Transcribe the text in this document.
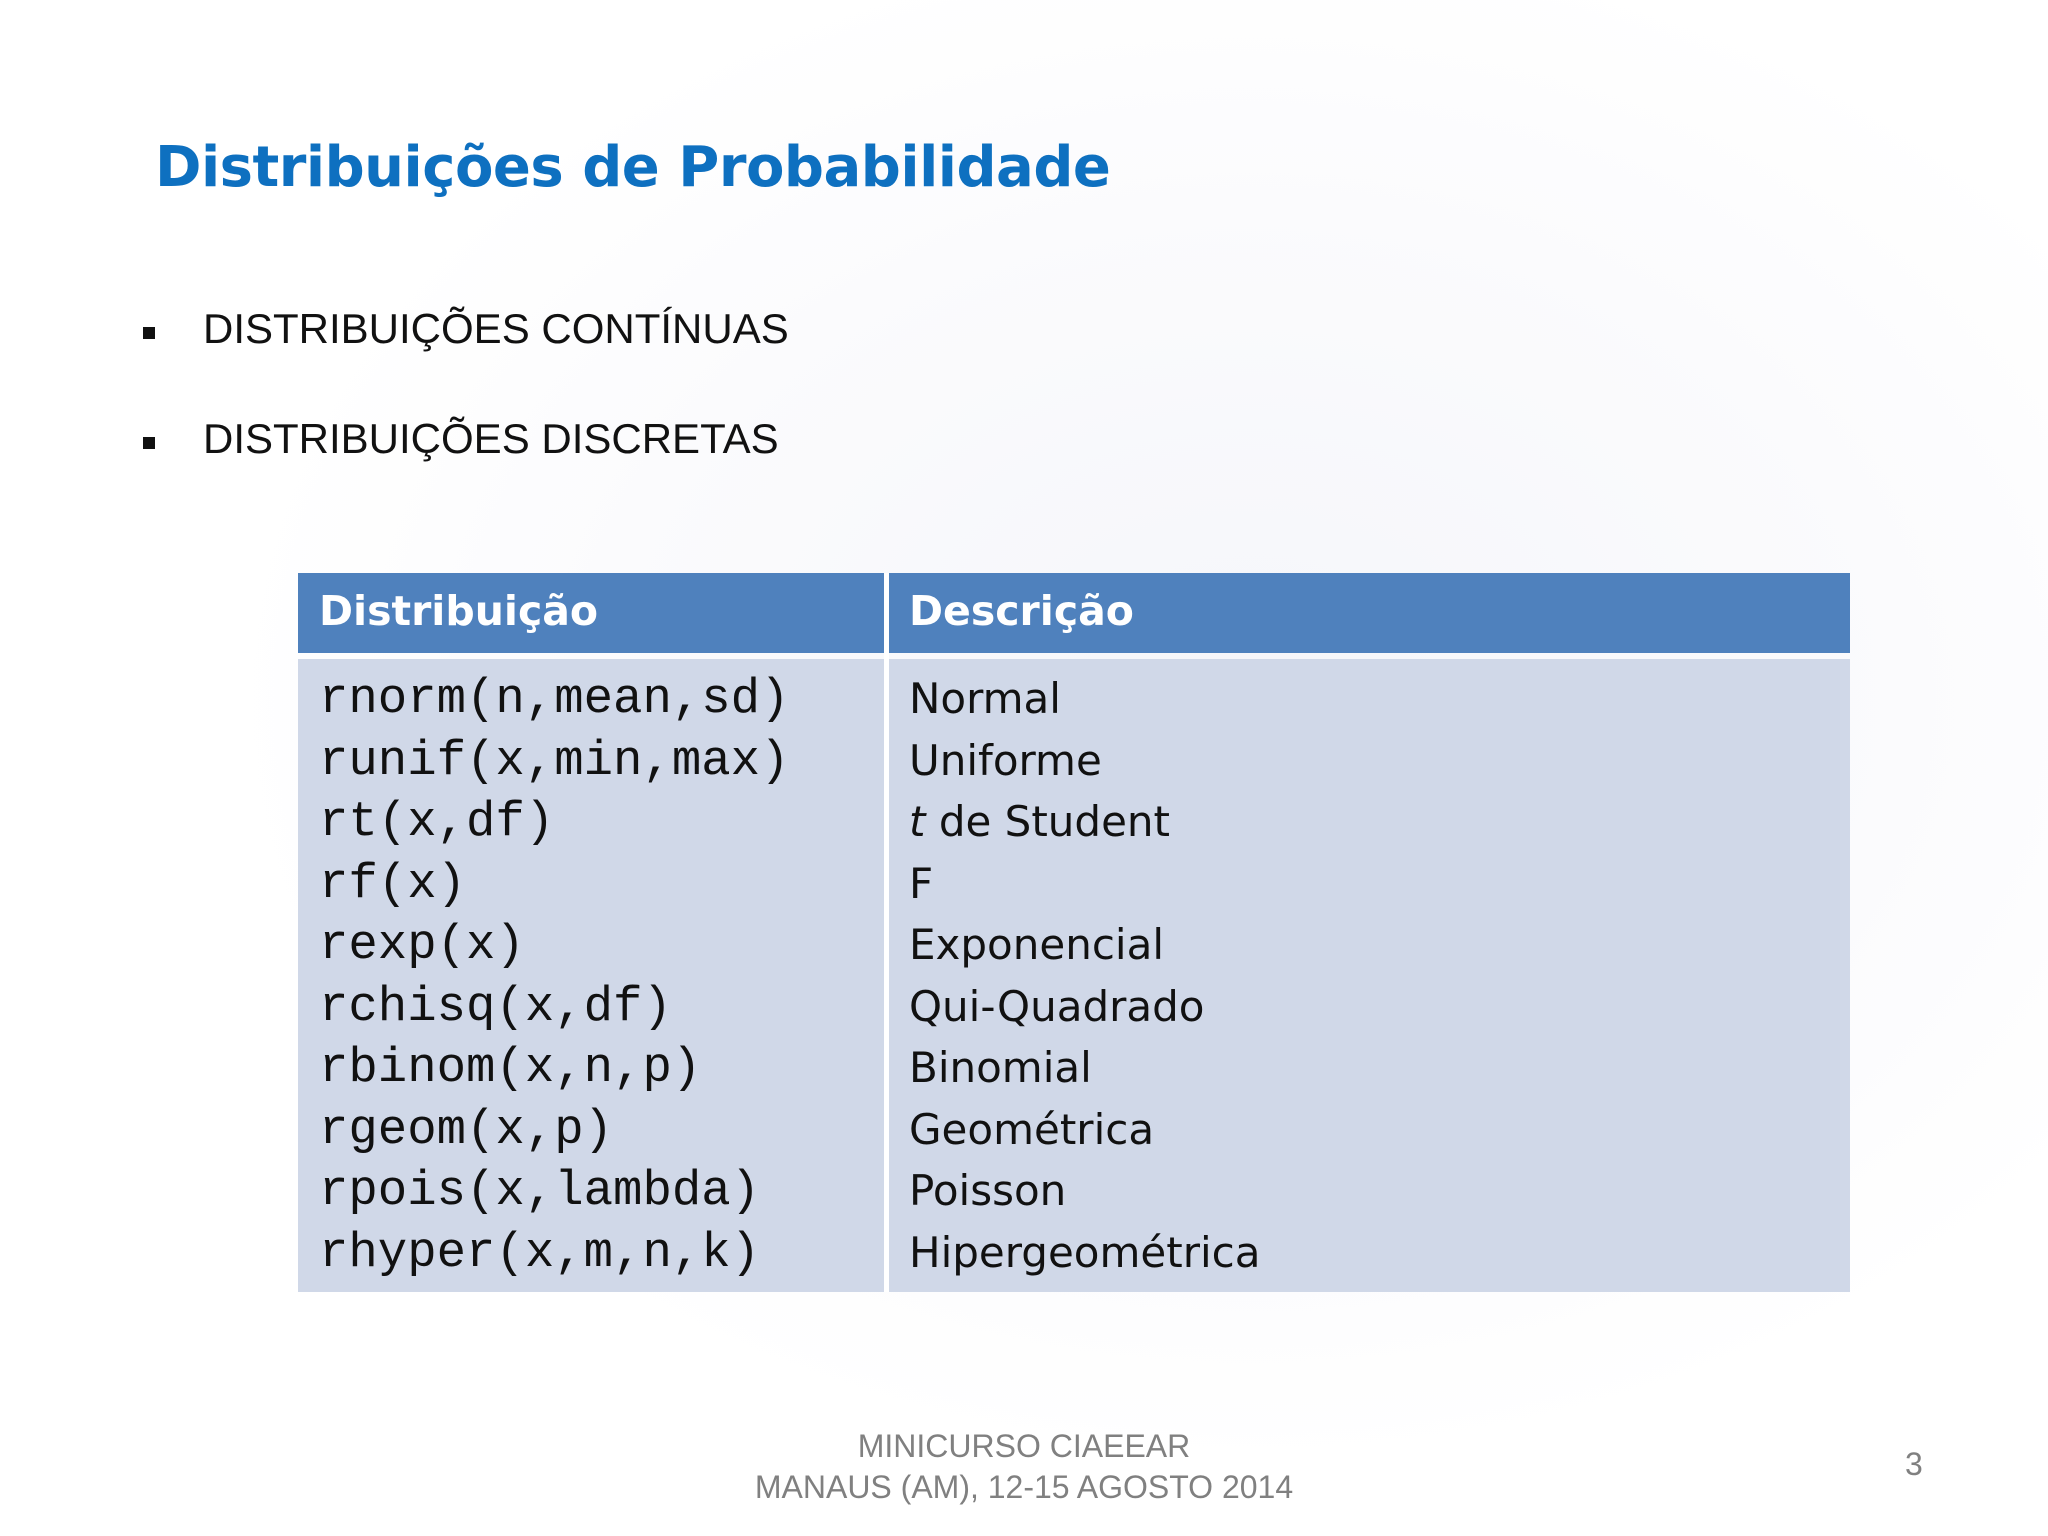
Distribuições de Probabilidade
DISTRIBUIÇÕES CONTÍNUAS
DISTRIBUIÇÕES DISCRETAS
Distribuição	Descrição
rnorm(n,mean,sd)	Normal
runif(x,min,max)	Uniforme
rt(x,df)	t de Student
rf(x)	F
rexp(x)	Exponencial
rchisq(x,df)	Qui-Quadrado
rbinom(x,n,p)	Binomial
rgeom(x,p)	Geométrica
rpois(x,lambda)	Poisson
rhyper(x,m,n,k)	Hipergeométrica
MINICURSO CIAEEAR
MANAUS (AM), 12-15 AGOSTO 2014
3
